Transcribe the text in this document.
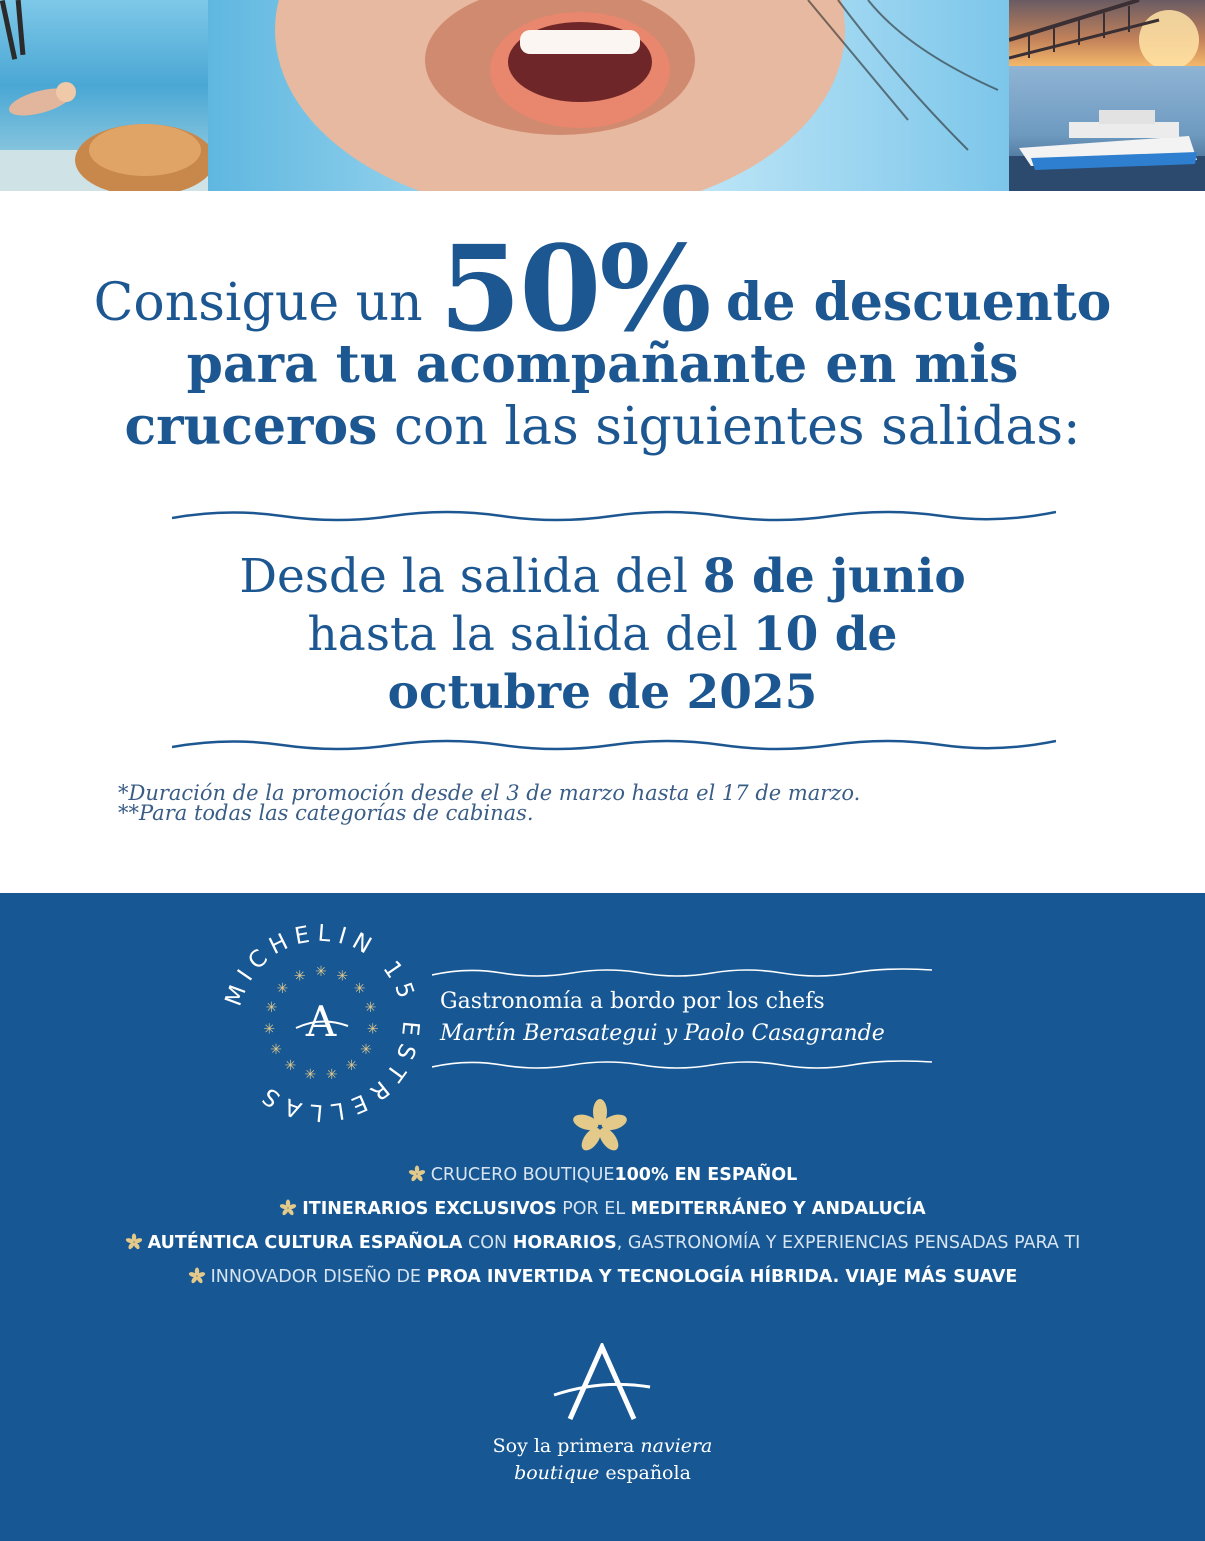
Consigue un 50% de descuento
para tu acompañante en mis
cruceros con las siguientes salidas:
Desde la salida del 8 de junio
hasta la salida del 10 de
octubre de 2025
*Duración de la promoción desde el 3 de marzo hasta el 17 de marzo.
**Para todas las categorías de cabinas.
MICHELIN 15 ESTRELLAS
✳ ✳
✳
✳
✳
✳
✳
✳
✳
✳
✳
✳
✳
✳
✳
A	Gastronomía a bordo por los chefs
Martín Berasategui y Paolo Casagrande
CRUCERO BOUTIQUE100% EN ESPAÑOL
ITINERARIOS EXCLUSIVOS POR EL MEDITERRÁNEO Y ANDALUCÍA
AUTÉNTICA CULTURA ESPAÑOLA CON HORARIOS, GASTRONOMÍA Y EXPERIENCIAS PENSADAS PARA TI
INNOVADOR DISEÑO DE PROA INVERTIDA Y TECNOLOGÍA HÍBRIDA. VIAJE MÁS SUAVE
Soy la primera naviera
boutique española
